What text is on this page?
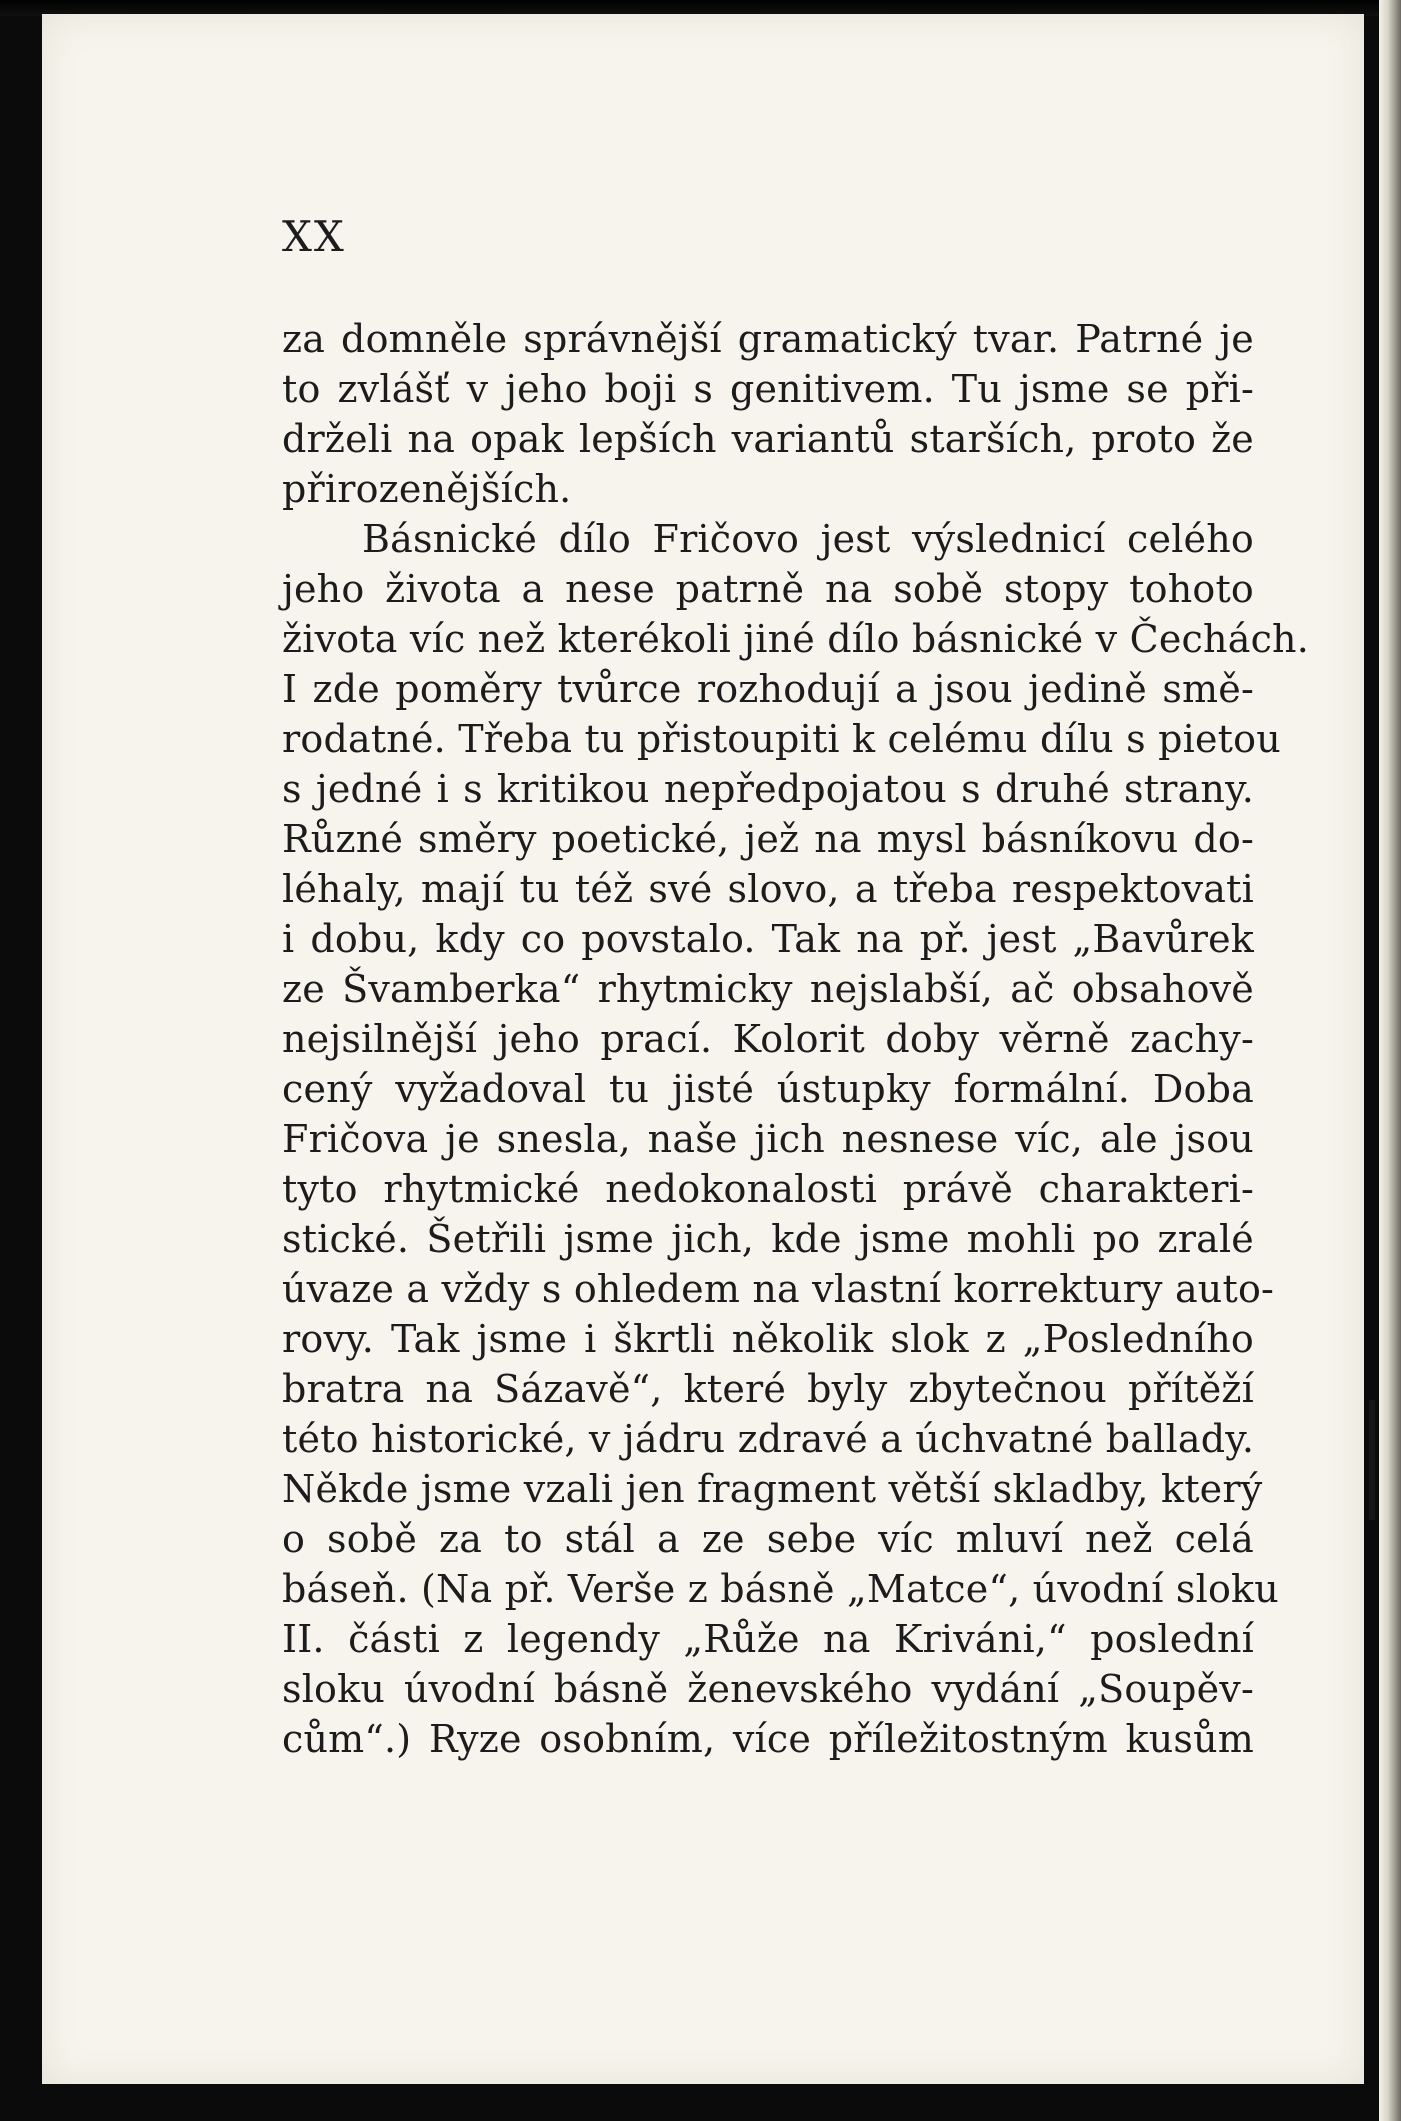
XX
za domněle správnější gramatický tvar. Patrné je
to zvlášť v jeho boji s genitivem. Tu jsme se při-
drželi na opak lepších variantů starších, proto že
přirozenějších.
Básnické dílo Fričovo jest výslednicí celého
jeho života a nese patrně na sobě stopy tohoto
života víc než kterékoli jiné dílo básnické v Čechách.
I zde poměry tvůrce rozhodují a jsou jedině smě-
rodatné. Třeba tu přistoupiti k celému dílu s pietou
s jedné i s kritikou nepředpojatou s druhé strany.
Různé směry poetické, jež na mysl básníkovu do-
léhaly, mají tu též své slovo, a třeba respektovati
i dobu, kdy co povstalo. Tak na př. jest „Bavůrek
ze Švamberka“ rhytmicky nejslabší, ač obsahově
nejsilnější jeho prací. Kolorit doby věrně zachy-
cený vyžadoval tu jisté ústupky formální. Doba
Fričova je snesla, naše jich nesnese víc, ale jsou
tyto rhytmické nedokonalosti právě charakteri-
stické. Šetřili jsme jich, kde jsme mohli po zralé
úvaze a vždy s ohledem na vlastní korrektury auto-
rovy. Tak jsme i škrtli několik slok z „Posledního
bratra na Sázavě“, které byly zbytečnou přítěží
této historické, v jádru zdravé a úchvatné ballady.
Někde jsme vzali jen fragment větší skladby, který
o sobě za to stál a ze sebe víc mluví než celá
báseň. (Na př. Verše z básně „Matce“, úvodní sloku
II. části z legendy „Růže na Kriváni,“ poslední
sloku úvodní básně ženevského vydání „Soupěv-
cům“.) Ryze osobním, více příležitostným kusům
